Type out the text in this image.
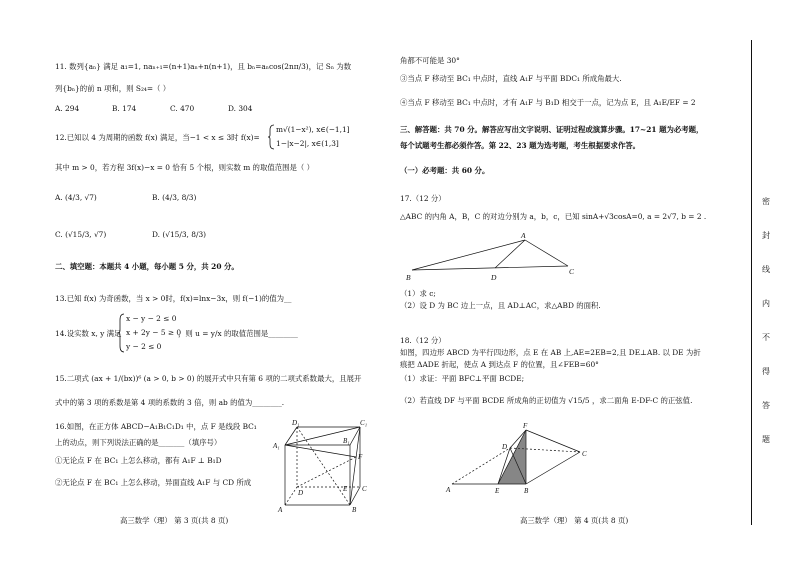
11. 数列{aₙ} 满足 a₁=1, naₙ₊₁=(n+1)aₙ+n(n+1)，且 bₙ=aₙcos(2nπ/3)，记 Sₙ 为数
列{bₙ}的前 n 项和，则 S₂₄=（ ）
A. 294	B. 174	C. 470	D. 304
12.已知以 4 为周期的函数 f(x) 满足，当−1 < x ≤ 3时 f(x)=
m√(1−x²), x∈(−1,1]
1−|x−2|, x∈(1,3]
其中 m > 0，若方程 3f(x)−x = 0 恰有 5 个根，则实数 m 的取值范围是（ ）
A. (4/3, √7)	B. (4/3, 8/3)
C. (√15/3, √7)	D. (√15/3, 8/3)
二、填空题：本题共 4 小题，每小题 5 分，共 20 分。
13.已知 f(x) 为奇函数，当 x > 0时，f(x)=lnx−3x，则 f(−1)的值为__
14.设实数 x, y 满足
x − y − 2 ≤ 0
x + 2y − 5 ≥ 0
y − 2 ≤ 0
，则 u = y/x 的取值范围是________
15.二项式 (ax + 1/(bx))⁶ (a > 0, b > 0) 的展开式中只有第 6 项的二项式系数最大，且展开
式中的第 3 项的系数是第 4 项的系数的 3 倍，则 ab 的值为________.
16.如图，在正方体 ABCD−A₁B₁C₁D₁ 中，点 F 是线段 BC₁
上的动点，则下列说法正确的是_______（填序号）
①无论点 F 在 BC₁ 上怎么移动，都有 A₁F ⊥ B₁D
②无论点 F 在 BC₁ 上怎么移动，异面直线 A₁F 与 CD 所成
D₁	C₁
A₁
B₁
F
D	C
E
A	B
高三数学（理） 第 3 页(共 8 页)
角都不可能是 30°
③当点 F 移动至 BC₁ 中点时，直线 A₁F 与平面 BDC₁ 所成角最大.
④当点 F 移动至 BC₁ 中点时，才有 A₁F 与 B₁D 相交于一点，记为点 E，且 A₁E/EF = 2
三、解答题：共 70 分。解答应写出文字说明、证明过程或演算步骤。17~21 题为必考题，
每个试题考生都必须作答。第 22、23 题为选考题，考生根据要求作答。
（一）必考题：共 60 分。
17.（12 分）
△ABC 的内角 A，B，C 的对边分别为 a，b，c，已知 sinA+√3cosA=0, a = 2√7, b = 2 .
（1）求 c;
（2）设 D 为 BC 边上一点，且 AD⊥AC，求△ABD 的面积.
A
B
C
D
18.（12 分）
如图，四边形 ABCD 为平行四边形，点 E 在 AB 上,AE=2EB=2,且 DE⊥AB. 以 DE 为折
痕把 ΔADE 折起，使点 A 到达点 F 的位置，且∠FEB=60°
（1）求证：平面 BFC⊥平面 BCDE;
（2）若直线 DF 与平面 BCDE 所成角的正切值为 √15/5 ，求二面角 E-DF-C 的正弦值.
F
D
C
A	E	B
高三数学（理） 第 4 页(共 8 页)
密
封
线
内
不
得
答
题
